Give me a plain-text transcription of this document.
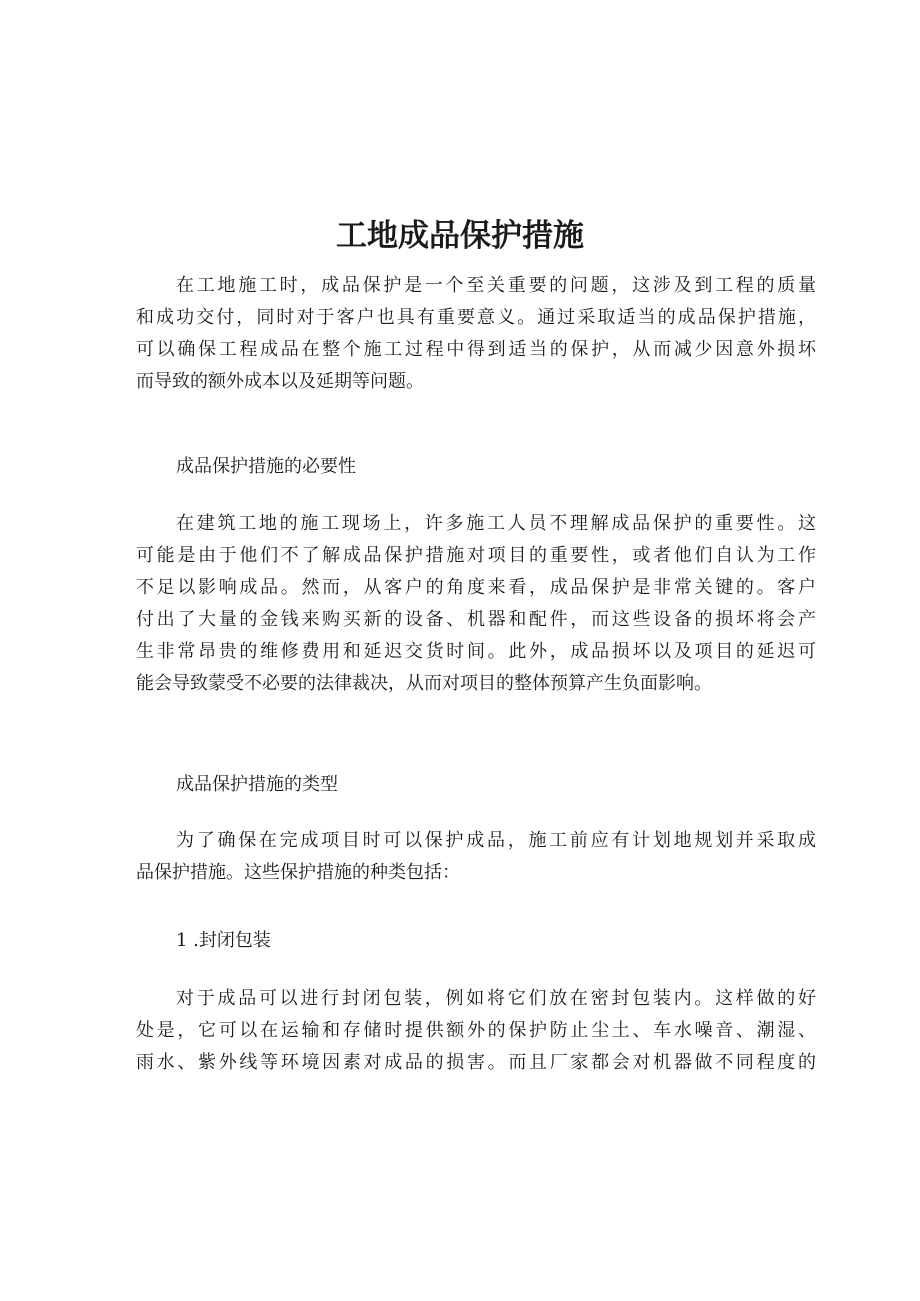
工地成品保护措施
在工地施工时，成品保护是一个至关重要的问题，这涉及到工程的质量
和成功交付，同时对于客户也具有重要意义。通过采取适当的成品保护措施，
可以确保工程成品在整个施工过程中得到适当的保护，从而减少因意外损坏
而导致的额外成本以及延期等问题。
成品保护措施的必要性
在建筑工地的施工现场上，许多施工人员不理解成品保护的重要性。这
可能是由于他们不了解成品保护措施对项目的重要性，或者他们自认为工作
不足以影响成品。然而，从客户的角度来看，成品保护是非常关键的。客户
付出了大量的金钱来购买新的设备、机器和配件，而这些设备的损坏将会产
生非常昂贵的维修费用和延迟交货时间。此外，成品损坏以及项目的延迟可
能会导致蒙受不必要的法律裁决，从而对项目的整体预算产生负面影响。
成品保护措施的类型
为了确保在完成项目时可以保护成品，施工前应有计划地规划并采取成
品保护措施。这些保护措施的种类包括：
1 .封闭包装
对于成品可以进行封闭包装，例如将它们放在密封包装内。这样做的好
处是，它可以在运输和存储时提供额外的保护防止尘土、车水噪音、潮湿、
雨水、紫外线等环境因素对成品的损害。而且厂家都会对机器做不同程度的
